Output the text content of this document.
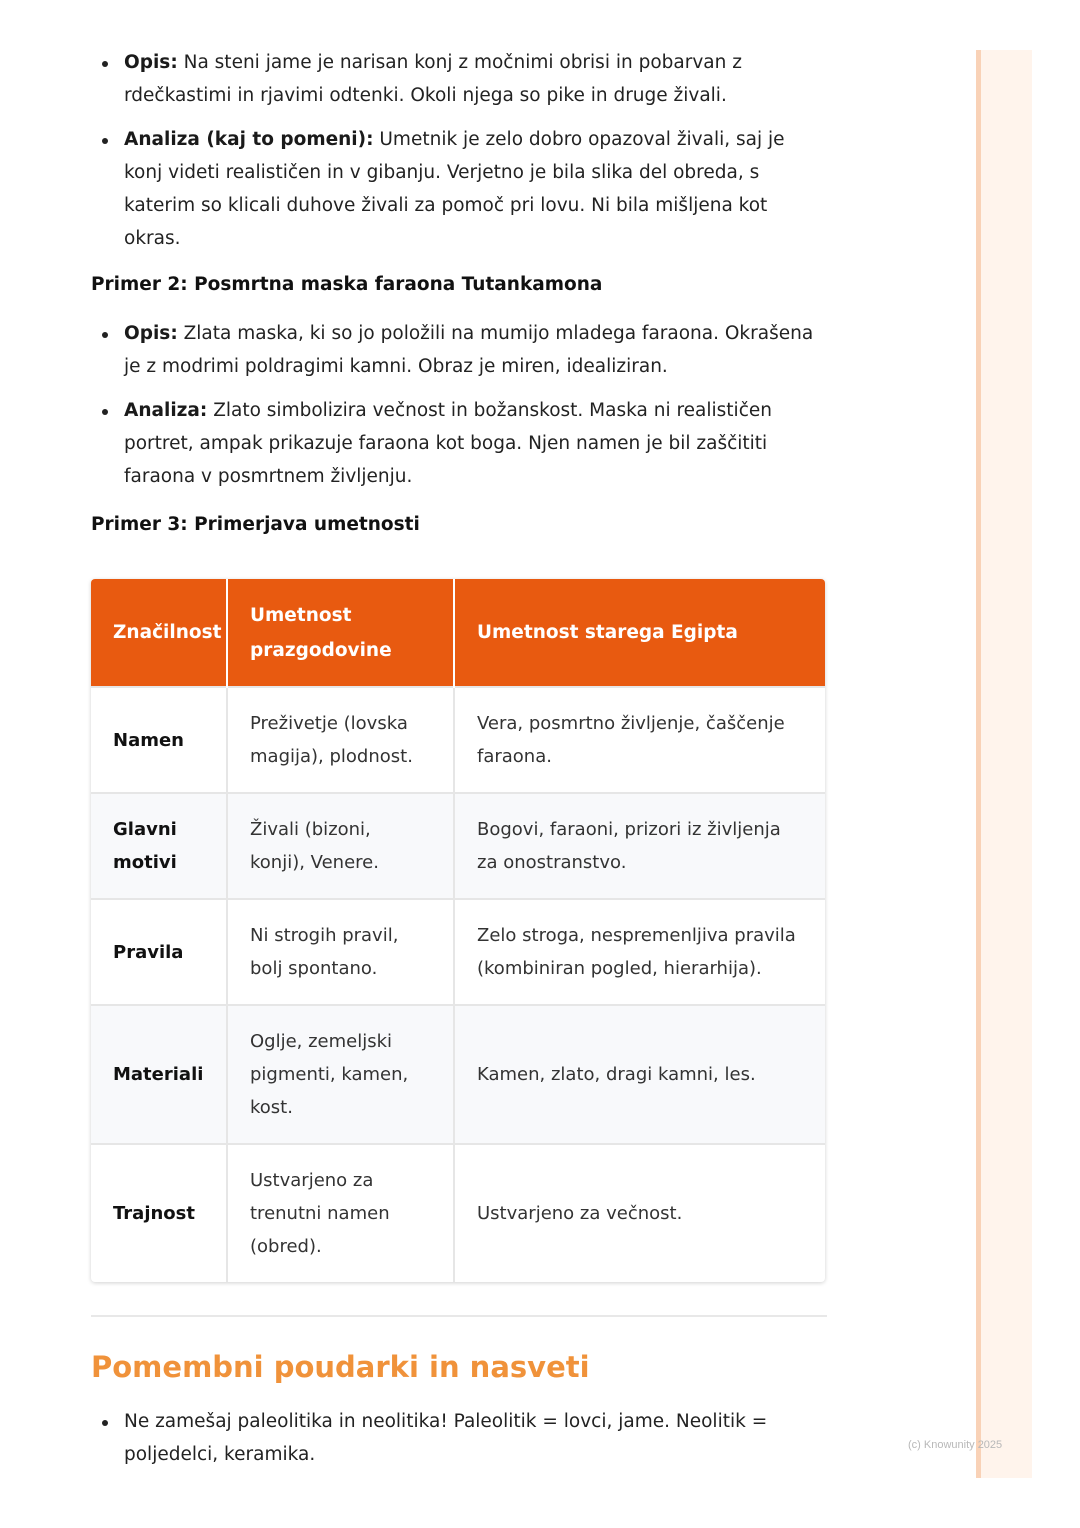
Opis: Na steni jame je narisan konj z močnimi obrisi in pobarvan z rdečkastimi in rjavimi odtenki. Okoli njega so pike in druge živali.
Analiza (kaj to pomeni): Umetnik je zelo dobro opazoval živali, saj je konj videti realističen in v gibanju. Verjetno je bila slika del obreda, s katerim so klicali duhove živali za pomoč pri lovu. Ni bila mišljena kot okras.

Primer 2: Posmrtna maska faraona Tutankamona

Opis: Zlata maska, ki so jo položili na mumijo mladega faraona. Okrašena je z modrimi poldragimi kamni. Obraz je miren, idealiziran.
Analiza: Zlato simbolizira večnost in božanskost. Maska ni realističen portret, ampak prikazuje faraona kot boga. Njen namen je bil zaščititi faraona v posmrtnem življenju.

Primer 3: Primerjava umetnosti

Značilnost	Umetnost prazgodovine	Umetnost starega Egipta
Namen	Preživetje (lovska magija), plodnost.	Vera, posmrtno življenje, čaščenje faraona.
Glavni motivi	Živali (bizoni, konji), Venere.	Bogovi, faraoni, prizori iz življenja za onostranstvo.
Pravila	Ni strogih pravil, bolj spontano.	Zelo stroga, nespremenljiva pravila (kombiniran pogled, hierarhija).
Materiali	Oglje, zemeljski pigmenti, kamen, kost.	Kamen, zlato, dragi kamni, les.
Trajnost	Ustvarjeno za trenutni namen (obred).	Ustvarjeno za večnost.
Pomembni poudarki in nasveti
Ne zamešaj paleolitika in neolitika! Paleolitik = lovci, jame. Neolitik = poljedelci, keramika.	(c) Knowunity 2025
